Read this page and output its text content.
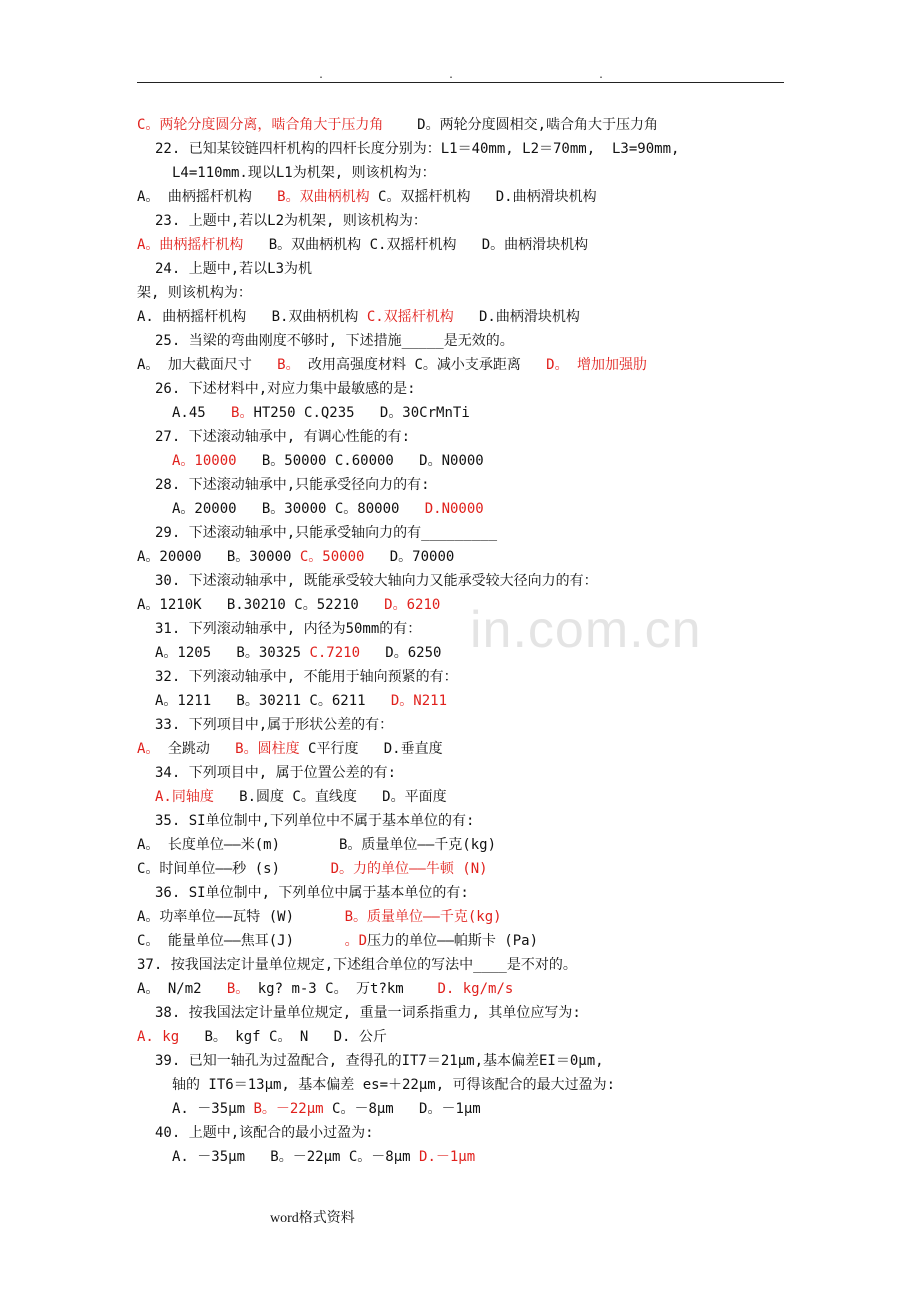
.	.	.
in.com.cn
C。两轮分度圆分离，啮合角大于压力角    D。两轮分度圆相交,啮合角大于压力角
22. 已知某铰链四杆机构的四杆长度分别为：L1＝40mm, L2＝70mm,  L3=90mm,
L4=110mm.现以L1为机架, 则该机构为：
A。 曲柄摇杆机构   B。双曲柄机构 C。双摇杆机构   D.曲柄滑块机构
23. 上题中,若以L2为机架, 则该机构为：
A。曲柄摇杆机构   B。双曲柄机构 C.双摇杆机构   D。曲柄滑块机构
24. 上题中,若以L3为机
架, 则该机构为：
A. 曲柄摇杆机构   B.双曲柄机构 C.双摇杆机构   D.曲柄滑块机构
25. 当梁的弯曲刚度不够时, 下述措施_____是无效的。
A。 加大截面尺寸   B。 改用高强度材料 C。减小支承距离   D。 增加加强肋
26. 下述材料中,对应力集中最敏感的是:
A.45   B。HT250 C.Q235   D。30CrMnTi
27. 下述滚动轴承中, 有调心性能的有:
A。10000   B。50000 C.60000   D。N0000
28. 下述滚动轴承中,只能承受径向力的有:
A。20000   B。30000 C。80000   D.N0000
29. 下述滚动轴承中,只能承受轴向力的有_________
A。20000   B。30000 C。50000   D。70000
30. 下述滚动轴承中, 既能承受较大轴向力又能承受较大径向力的有：
A。1210K   B.30210 C。52210   D。6210
31. 下列滚动轴承中, 内径为50mm的有：
A。1205   B。30325 C.7210   D。6250
32. 下列滚动轴承中, 不能用于轴向预紧的有：
A。1211   B。30211 C。6211   D。N211
33. 下列项目中,属于形状公差的有：
A。 全跳动   B。圆柱度 C平行度   D.垂直度
34. 下列项目中, 属于位置公差的有:
A.同轴度   B.圆度 C。直线度   D。平面度
35. SI单位制中,下列单位中不属于基本单位的有:
A。 长度单位——米(m)       B。质量单位——千克(kg)
C。时间单位——秒 (s)      D。力的单位——牛顿 (N)
36. SI单位制中, 下列单位中属于基本单位的有:
A。功率单位——瓦特 (W)      B。质量单位——千克(kg)
C。 能量单位——焦耳(J)      。D压力的单位——帕斯卡 (Pa)
37. 按我国法定计量单位规定,下述组合单位的写法中____是不对的。
A。 N/m2   B。 kg? m-3 C。 万t?km    D. kg/m/s
38. 按我国法定计量单位规定, 重量一词系指重力, 其单位应写为:
A. kg   B。 kgf C。 N   D. 公斤
39. 已知一轴孔为过盈配合, 查得孔的IT7＝21μm,基本偏差EI＝0μm,
轴的 IT6＝13μm, 基本偏差 es=＋22μm, 可得该配合的最大过盈为:
A. －35μm B。－22μm C。－8μm   D。－1μm
40. 上题中,该配合的最小过盈为:
A. －35μm   B。－22μm C。－8μm D.－1μm
word格式资料
